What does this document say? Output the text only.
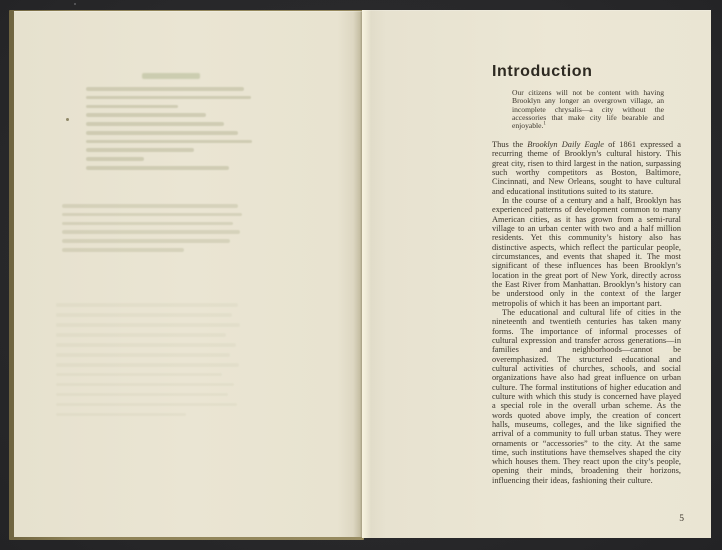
Introduction
Our citizens will not be content with having Brooklyn any longer an overgrown village, an incomplete chrysalis—a city without the accessories that make city life bearable and enjoyable.$^1$

Thus the Brooklyn Daily Eagle of 1861 expressed a recurring theme of Brooklyn’s cultural history. This great city, risen to third largest in the nation, surpassing such worthy competitors as Boston, Baltimore, Cincinnati, and New Orleans, sought to have cultural and educational institutions suited to its stature.

In the course of a century and a half, Brooklyn has experienced patterns of development common to many American cities, as it has grown from a semi-rural village to an urban center with two and a half million residents. Yet this community’s history also has distinctive aspects, which reflect the particular people, circumstances, and events that shaped it. The most significant of these influences has been Brooklyn’s location in the great port of New York, directly across the East River from Manhattan. Brooklyn’s history can be understood only in the context of the larger metropolis of which it has been an important part.

The educational and cultural life of cities in the nineteenth and twentieth centuries has taken many forms. The importance of informal processes of cultural expression and transfer across generations—in families and neighborhoods—cannot be overemphasized. The structured educational and cultural activities of churches, schools, and social organizations have also had great influence on urban culture. The formal institutions of higher education and culture with which this study is concerned have played a special role in the overall urban scheme. As the words quoted above imply, the creation of concert halls, museums, colleges, and the like signified the arrival of a community to full urban status. They were ornaments or “accessories” to the city. At the same time, such institutions have themselves shaped the city which houses them. They react upon the city’s people, opening their minds, broadening their horizons, influencing their ideas, fashioning their culture.

5
